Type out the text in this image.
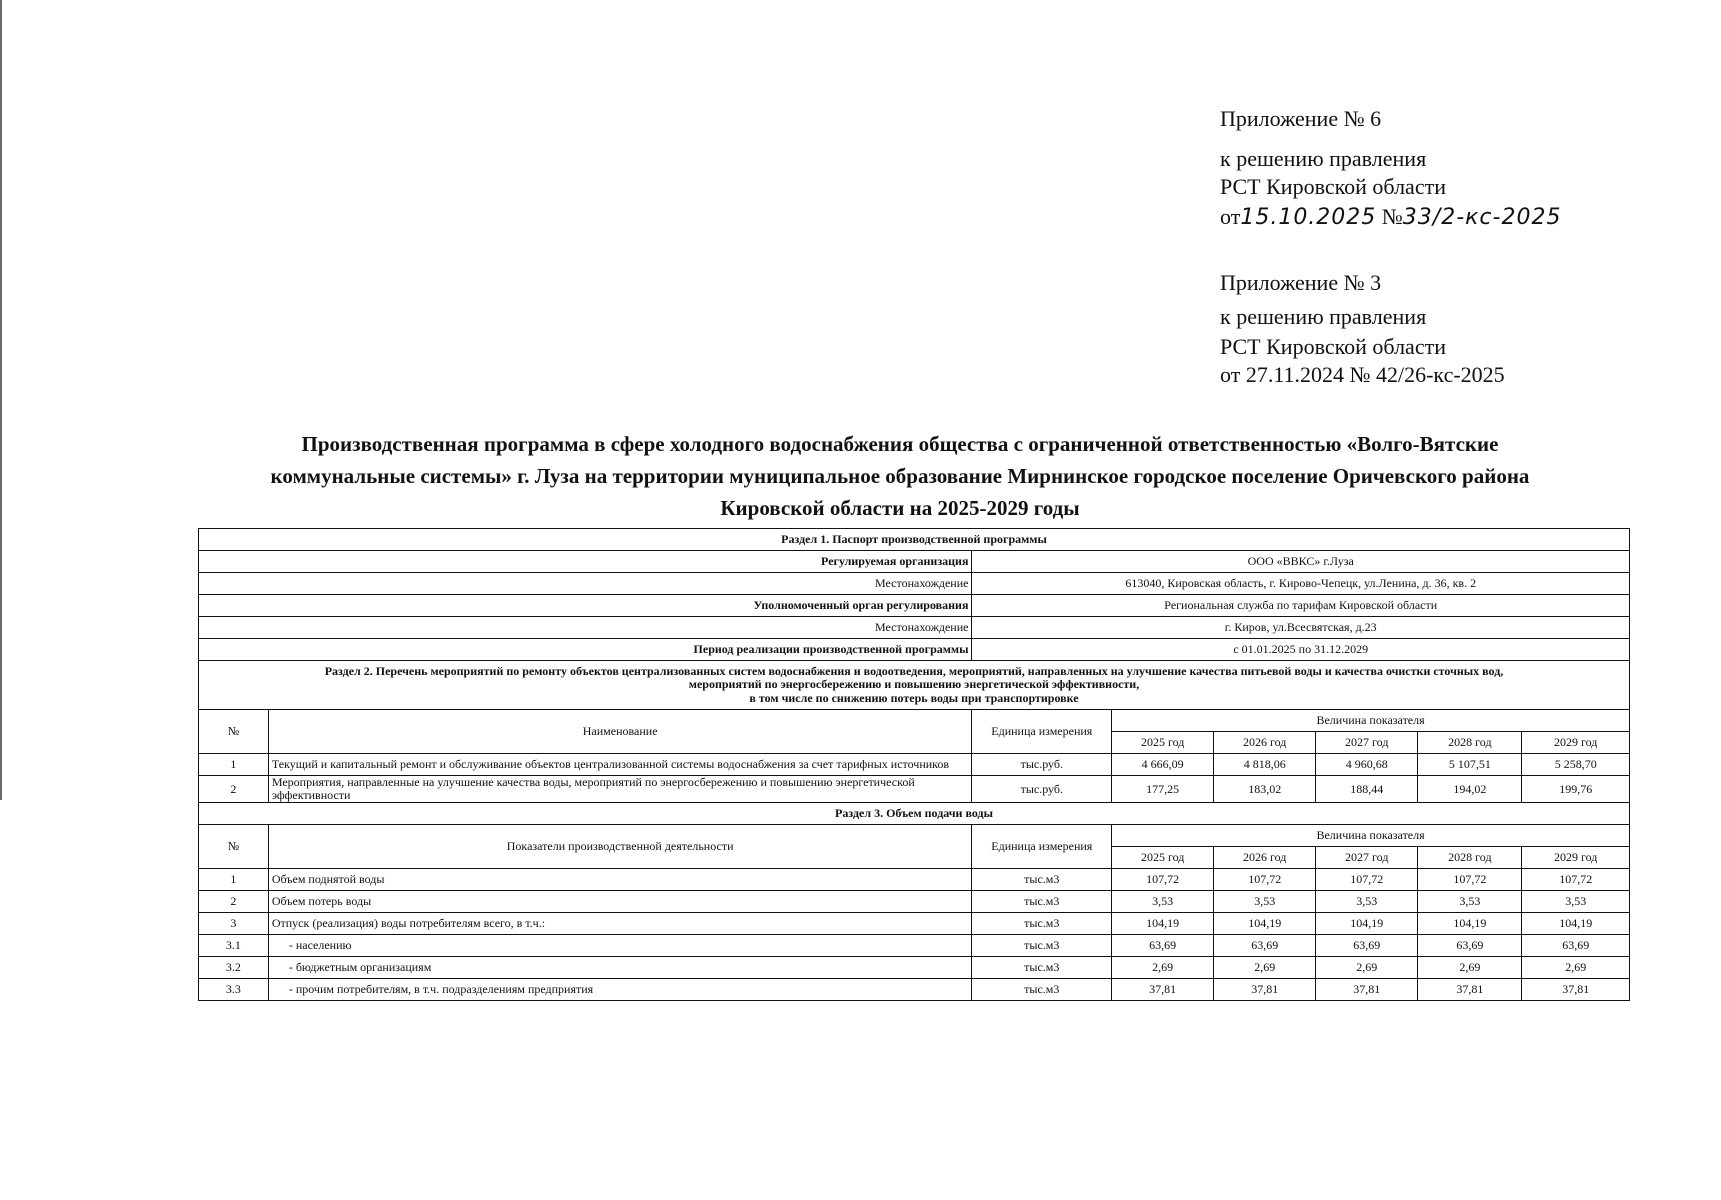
Приложение № 6
к решению правления
РСТ Кировской области
от15.10.2025 №33/2-кс-2025
Приложение № 3
к решению правления
РСТ Кировской области
от 27.11.2024 № 42/26-кс-2025
Производственная программа в сфере холодного водоснабжения общества с ограниченной ответственностью «Волго-Вятские
коммунальные системы» г. Луза на территории муниципальное образование Мирнинское городское поселение Оричевского района
Кировской области на 2025-2029 годы
Раздел 1. Паспорт производственной программы							
Регулируемая организация		ООО «ВВКС» г.Луза					
Местонахождение		613040, Кировская область, г. Кирово-Чепецк, ул.Ленина, д. 36, кв. 2					
Уполномоченный орган регулирования		Региональная служба по тарифам Кировской области					
Местонахождение		г. Киров, ул.Всесвятская, д.23					
Период реализации производственной программы		с 01.01.2025 по 31.12.2029					

Раздел 2. Перечень мероприятий по ремонту объектов централизованных систем водоснабжения и водоотведения, мероприятий, направленных на улучшение качества питьевой воды и качества очистки сточных вод,
мероприятий по энергосбережению и повышению энергетической эффективности,
в том числе по снижению потерь воды при транспортировке							

№	Наименование	Единица измерения	Величина показателя				
			2025 год	2026 год	2027 год	2028 год	2029 год
1	Текущий и капитальный ремонт и обслуживание объектов централизованной системы водоснабжения за счет тарифных источников	тыс.руб.	4 666,09	4 818,06	4 960,68	5 107,51	5 258,70
2	Мероприятия, направленные на улучшение качества воды, мероприятий по энергосбережению и повышению энергетической эффективности	тыс.руб.	177,25	183,02	188,44	194,02	199,76
Раздел 3. Объем подачи воды							
№	Показатели производственной деятельности	Единица измерения	Величина показателя				
			2025 год	2026 год	2027 год	2028 год	2029 год
1	Объем поднятой воды	тыс.м3	107,72	107,72	107,72	107,72	107,72
2	Объем потерь воды	тыс.м3	3,53	3,53	3,53	3,53	3,53
3	Отпуск (реализация) воды потребителям всего, в т.ч.:	тыс.м3	104,19	104,19	104,19	104,19	104,19
3.1	- населению	тыс.м3	63,69	63,69	63,69	63,69	63,69
3.2	- бюджетным организациям	тыс.м3	2,69	2,69	2,69	2,69	2,69
3.3	- прочим потребителям, в т.ч. подразделениям предприятия	тыс.м3	37,81	37,81	37,81	37,81	37,81
